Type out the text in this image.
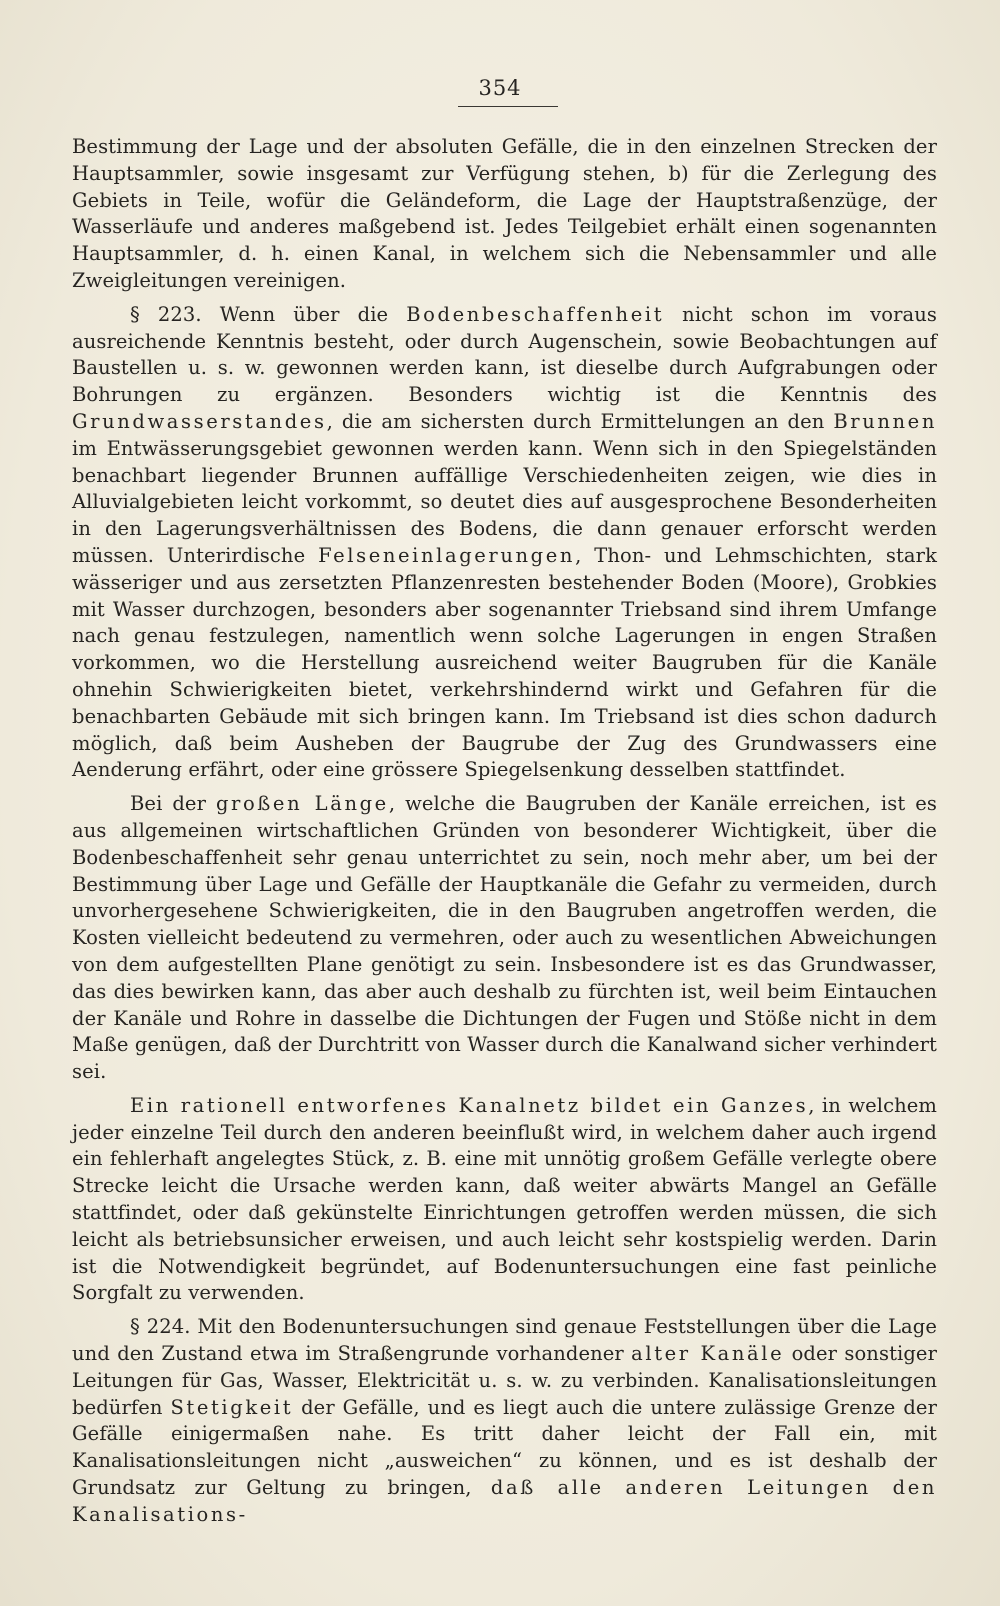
354

Bestimmung der Lage und der absoluten Gefälle, die in den einzelnen Strecken der Hauptsammler, sowie insgesamt zur Verfügung stehen, b) für die Zerlegung des Gebiets in Teile, wofür die Geländeform, die Lage der Hauptstraßenzüge, der Wasserläufe und anderes maßgebend ist. Jedes Teilgebiet erhält einen sogenannten Hauptsammler, d. h. einen Kanal, in welchem sich die Nebensammler und alle Zweigleitungen vereinigen.

§ 223. Wenn über die Bodenbeschaffenheit nicht schon im voraus ausreichende Kenntnis besteht, oder durch Augenschein, sowie Beobachtungen auf Baustellen u. s. w. gewonnen werden kann, ist dieselbe durch Aufgrabungen oder Bohrungen zu ergänzen. Besonders wichtig ist die Kenntnis des Grundwasserstandes, die am sichersten durch Ermittelungen an den Brunnen im Entwässerungsgebiet gewonnen werden kann. Wenn sich in den Spiegelständen benachbart liegender Brunnen auffällige Verschiedenheiten zeigen, wie dies in Alluvialgebieten leicht vorkommt, so deutet dies auf ausgesprochene Besonderheiten in den Lagerungsverhältnissen des Bodens, die dann genauer erforscht werden müssen. Unterirdische Felseneinlagerungen, Thon- und Lehmschichten, stark wässeriger und aus zersetzten Pflanzenresten bestehender Boden (Moore), Grobkies mit Wasser durchzogen, besonders aber sogenannter Triebsand sind ihrem Umfange nach genau festzulegen, namentlich wenn solche Lagerungen in engen Straßen vorkommen, wo die Herstellung ausreichend weiter Baugruben für die Kanäle ohnehin Schwierigkeiten bietet, verkehrshindernd wirkt und Gefahren für die benachbarten Gebäude mit sich bringen kann. Im Triebsand ist dies schon dadurch möglich, daß beim Ausheben der Baugrube der Zug des Grundwassers eine Aenderung erfährt, oder eine grössere Spiegelsenkung desselben stattfindet.

Bei der großen Länge, welche die Baugruben der Kanäle erreichen, ist es aus allgemeinen wirtschaftlichen Gründen von besonderer Wichtigkeit, über die Bodenbeschaffenheit sehr genau unterrichtet zu sein, noch mehr aber, um bei der Bestimmung über Lage und Gefälle der Hauptkanäle die Gefahr zu vermeiden, durch unvorhergesehene Schwierigkeiten, die in den Baugruben angetroffen werden, die Kosten vielleicht bedeutend zu vermehren, oder auch zu wesentlichen Abweichungen von dem aufgestellten Plane genötigt zu sein. Insbesondere ist es das Grundwasser, das dies bewirken kann, das aber auch deshalb zu fürchten ist, weil beim Eintauchen der Kanäle und Rohre in dasselbe die Dichtungen der Fugen und Stöße nicht in dem Maße genügen, daß der Durchtritt von Wasser durch die Kanalwand sicher verhindert sei.

Ein rationell entworfenes Kanalnetz bildet ein Ganzes, in welchem jeder einzelne Teil durch den anderen beeinflußt wird, in welchem daher auch irgend ein fehlerhaft angelegtes Stück, z. B. eine mit unnötig großem Gefälle verlegte obere Strecke leicht die Ursache werden kann, daß weiter abwärts Mangel an Gefälle stattfindet, oder daß gekünstelte Einrichtungen getroffen werden müssen, die sich leicht als betriebsunsicher erweisen, und auch leicht sehr kostspielig werden. Darin ist die Notwendigkeit begründet, auf Bodenuntersuchungen eine fast peinliche Sorgfalt zu verwenden.

§ 224. Mit den Bodenuntersuchungen sind genaue Feststellungen über die Lage und den Zustand etwa im Straßengrunde vorhandener alter Kanäle oder sonstiger Leitungen für Gas, Wasser, Elektricität u. s. w. zu verbinden. Kanalisationsleitungen bedürfen Stetigkeit der Gefälle, und es liegt auch die untere zulässige Grenze der Gefälle einigermaßen nahe. Es tritt daher leicht der Fall ein, mit Kanalisationsleitungen nicht „ausweichen“ zu können, und es ist deshalb der Grundsatz zur Geltung zu bringen, daß alle anderen Leitungen den Kanalisations-
